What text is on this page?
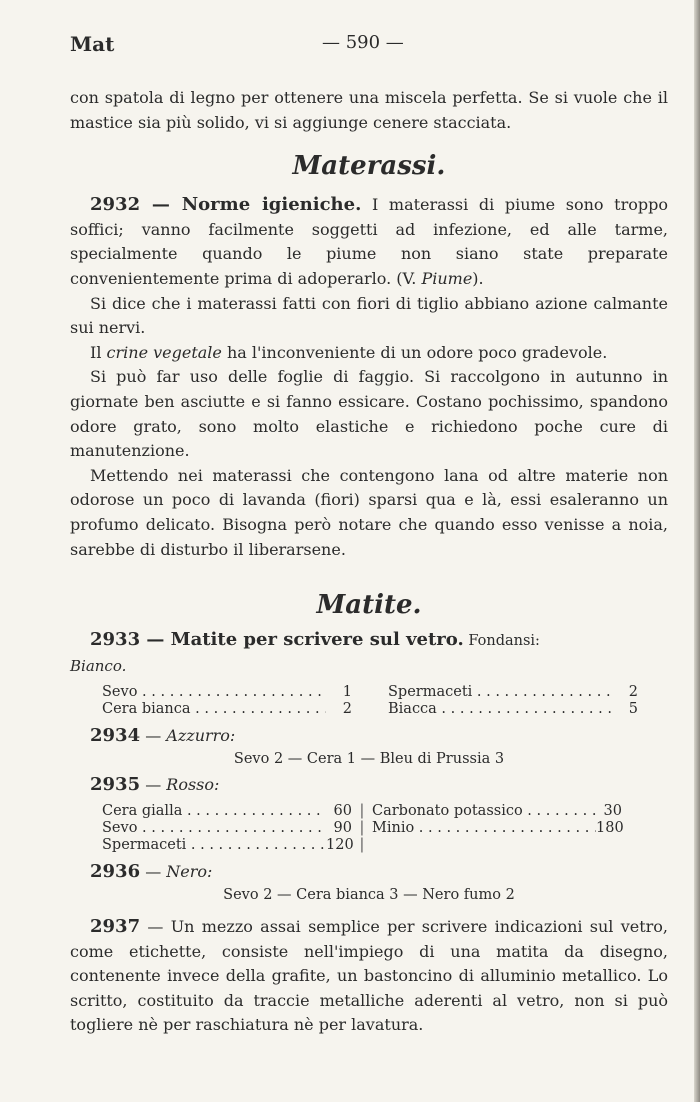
Mat	— 590 —

con spatola di legno per ottenere una miscela perfetta. Se si vuole che il mastice sia più solido, vi si aggiunge cenere stacciata.

Materassi.

2932 — Norme igieniche. I materassi di piume sono troppo soffici; vanno facilmente soggetti ad infezione, ed alle tarme, specialmente quando le piume non siano state preparate convenientemente prima di adoperarlo. (V. Piume).

Si dice che i materassi fatti con fiori di tiglio abbiano azione calmante sui nervi.

Il crine vegetale ha l'inconveniente di un odore poco gradevole.

Si può far uso delle foglie di faggio. Si raccolgono in autunno in giornate ben asciutte e si fanno essicare. Costano pochissimo, spandono odore grato, sono molto elastiche e richiedono poche cure di manutenzione.

Mettendo nei materassi che contengono lana od altre materie non odorose un poco di lavanda (fiori) sparsi qua e là, essi esaleranno un profumo delicato. Bisogna però notare che quando esso venisse a noia, sarebbe di disturbo il liberarsene.

Matite.

2933 — Matite per scrivere sul vetro. Fondansi:

Bianco.

Sevo . . .	1 Spermaceti . . .	2
Cera bianca . . .	2 Biacca . . .	5

2934 — Azzurro:

Sevo 2 — Cera 1 — Bleu di Prussia 3

2935 — Rosso:

Cera gialla . . .	60 | Carbonato potassico . . .	30
Sevo . . .	90 | Minio . . .	180
Spermaceti . . .	120 |

2936 — Nero:

Sevo 2 — Cera bianca 3 — Nero fumo 2

2937 — Un mezzo assai semplice per scrivere indicazioni sul vetro, come etichette, consiste nell'impiego di una matita da disegno, contenente invece della grafite, un bastoncino di alluminio metallico. Lo scritto, costituito da traccie metalliche aderenti al vetro, non si può togliere nè per raschiatura nè per lavatura.
